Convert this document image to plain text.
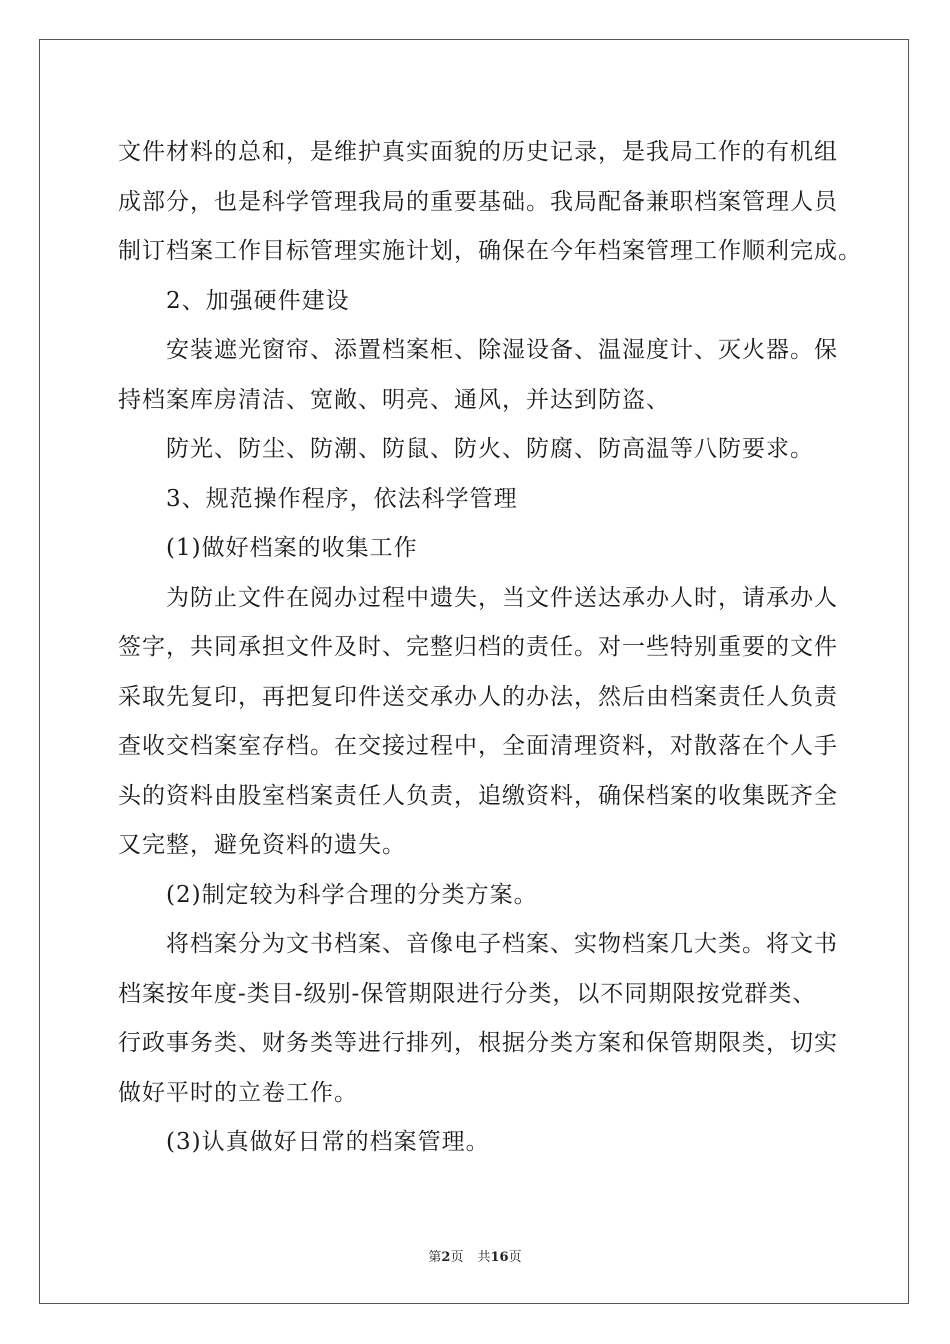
文件材料的总和，是维护真实面貌的历史记录，是我局工作的有机组
成部分，也是科学管理我局的重要基础。我局配备兼职档案管理人员
制订档案工作目标管理实施计划，确保在今年档案管理工作顺利完成。
2、加强硬件建设
安装遮光窗帘、添置档案柜、除湿设备、温湿度计、灭火器。保
持档案库房清洁、宽敞、明亮、通风，并达到防盗、
防光、防尘、防潮、防鼠、防火、防腐、防高温等八防要求。
3、规范操作程序，依法科学管理
(1)做好档案的收集工作
为防止文件在阅办过程中遗失，当文件送达承办人时，请承办人
签字，共同承担文件及时、完整归档的责任。对一些特别重要的文件
采取先复印，再把复印件送交承办人的办法，然后由档案责任人负责
查收交档案室存档。在交接过程中，全面清理资料，对散落在个人手
头的资料由股室档案责任人负责，追缴资料，确保档案的收集既齐全
又完整，避免资料的遗失。
(2)制定较为科学合理的分类方案。
将档案分为文书档案、音像电子档案、实物档案几大类。将文书
档案按年度-类目-级别-保管期限进行分类，以不同期限按党群类、
行政事务类、财务类等进行排列，根据分类方案和保管期限类，切实
做好平时的立卷工作。
(3)认真做好日常的档案管理。
第2页 共16页
